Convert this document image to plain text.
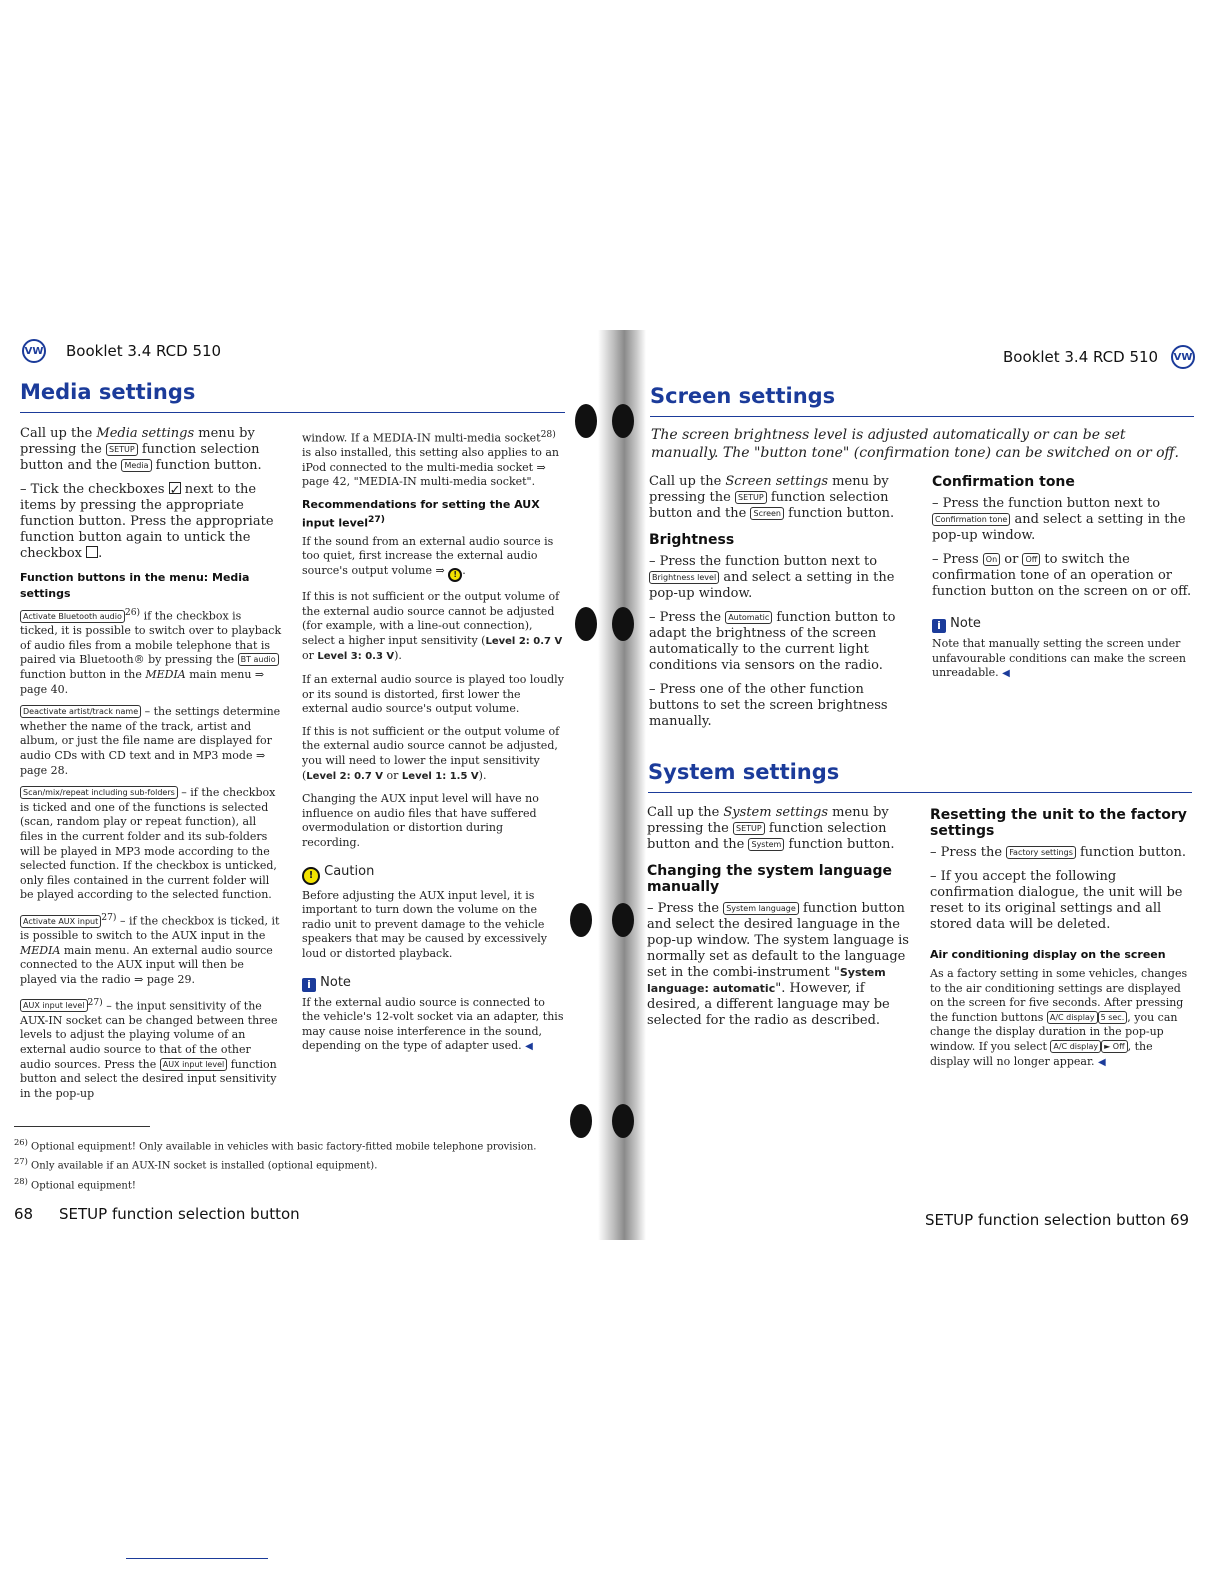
VW Booklet 3.4 RCD 510	Booklet 3.4 RCD 510 VW
Media settings

Call up the Media settings menu by pressing the SETUP function selection button and the Media function button.

– Tick the checkboxes ✓ next to the items by pressing the appropriate function button. Press the appropriate function button again to untick the checkbox .

Function buttons in the menu: Media settings

Activate Bluetooth audio $^{26)}$ if the checkbox is ticked, it is possible to switch over to playback of audio files from a mobile telephone that is paired via Bluetooth® by pressing the BT audio function button in the MEDIA main menu ⇒ page 40.

Deactivate artist/track name – the settings determine whether the name of the track, artist and album, or just the file name are displayed for audio CDs with CD text and in MP3 mode ⇒ page 28.

Scan/mix/repeat including sub-folders – if the checkbox is ticked and one of the functions is selected (scan, random play or repeat function), all files in the current folder and its sub-folders will be played in MP3 mode according to the selected function. If the checkbox is unticked, only files contained in the current folder will be played according to the selected function.

Activate AUX input $^{27)}$ – if the checkbox is ticked, it is possible to switch to the AUX input in the MEDIA main menu. An external audio source connected to the AUX input will then be played via the radio ⇒ page 29.

AUX input level $^{27)}$ – the input sensitivity of the AUX-IN socket can be changed between three levels to adjust the playing volume of an external audio source to that of the other audio sources. Press the AUX input level function button and select the desired input sensitivity in the pop-up

window. If a MEDIA-IN multi-media socket$^{28)}$ is also installed, this setting also applies to an iPod connected to the multi-media socket ⇒ page 42, "MEDIA-IN multi-media socket".

Recommendations for setting the AUX input level$^{27)}$

If the sound from an external audio source is too quiet, first increase the external audio source's output volume ⇒ ! .

If this is not sufficient or the output volume of the external audio source cannot be adjusted (for example, with a line-out connection), select a higher input sensitivity (Level 2: 0.7 V or Level 3: 0.3 V).

If an external audio source is played too loudly or its sound is distorted, first lower the external audio source's output volume.

If this is not sufficient or the output volume of the external audio source cannot be adjusted, you will need to lower the input sensitivity (Level 2: 0.7 V or Level 1: 1.5 V).

Changing the AUX input level will have no influence on audio files that have suffered overmodulation or distortion during recording.

! Caution

Before adjusting the AUX input level, it is important to turn down the volume on the radio unit to prevent damage to the vehicle speakers that may be caused by excessively loud or distorted playback.

i Note

If the external audio source is connected to the vehicle's 12-volt socket via an adapter, this may cause noise interference in the sound, depending on the type of adapter used. ◀

$^{26)}$ Optional equipment! Only available in vehicles with basic factory-fitted mobile telephone provision.
$^{27)}$ Only available if an AUX-IN socket is installed (optional equipment).
$^{28)}$ Optional equipment!
68 SETUP function selection button	SETUP function selection button 69
Screen settings
The screen brightness level is adjusted automatically or can be set manually. The "button tone" (confirmation tone) can be switched on or off.

Call up the Screen settings menu by pressing the SETUP function selection button and the Screen function button.

Brightness

– Press the function button next to Brightness level and select a setting in the pop-up window.

– Press the Automatic function button to adapt the brightness of the screen automatically to the current light conditions via sensors on the radio.

– Press one of the other function buttons to set the screen brightness manually.

Confirmation tone

– Press the function button next to Confirmation tone and select a setting in the pop-up window.

– Press On or Off to switch the confirmation tone of an operation or function button on the screen on or off.

i Note

Note that manually setting the screen under unfavourable conditions can make the screen unreadable. ◀

System settings

Call up the System settings menu by pressing the SETUP function selection button and the System function button.

Changing the system language manually

– Press the System language function button and select the desired language in the pop-up window. The system language is normally set as default to the language set in the combi-instrument "System language: automatic". However, if desired, a different language may be selected for the radio as described.

Resetting the unit to the factory settings

– Press the Factory settings function button.

– If you accept the following confirmation dialogue, the unit will be reset to its original settings and all stored data will be deleted.

Air conditioning display on the screen

As a factory setting in some vehicles, changes to the air conditioning settings are displayed on the screen for five seconds. After pressing the function buttons A/C display 5 sec. , you can change the display duration in the pop-up window. If you select A/C display ► Off , the display will no longer appear. ◀
